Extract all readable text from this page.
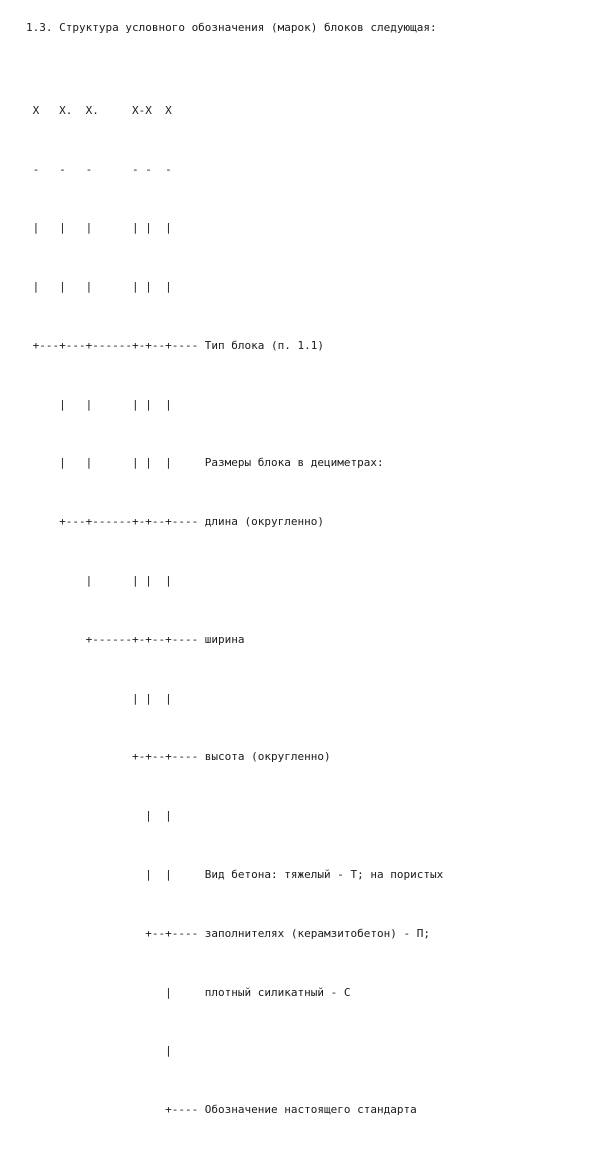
1.3. Структура условного обозначения (марок) блоков следующая:

X   X.  X.     X-X  X

-   -   -      - -  -

|   |   |      | |  |

|   |   |      | |  |

+---+---+------+-+--+---- Тип блока (п. 1.1)

|   |      | |  |

|   |      | |  |     Размеры блока в дециметрах:

+---+------+-+--+---- длина (округленно)

|      | |  |

+------+-+--+---- ширина

| |  |

+-+--+---- высота (округленно)

|  |

|  |     Вид бетона: тяжелый - Т; на пористых

+--+---- заполнителях (керамзитобетон) - П;

|     плотный силикатный - С

|

+---- Обозначение настоящего стандарта
